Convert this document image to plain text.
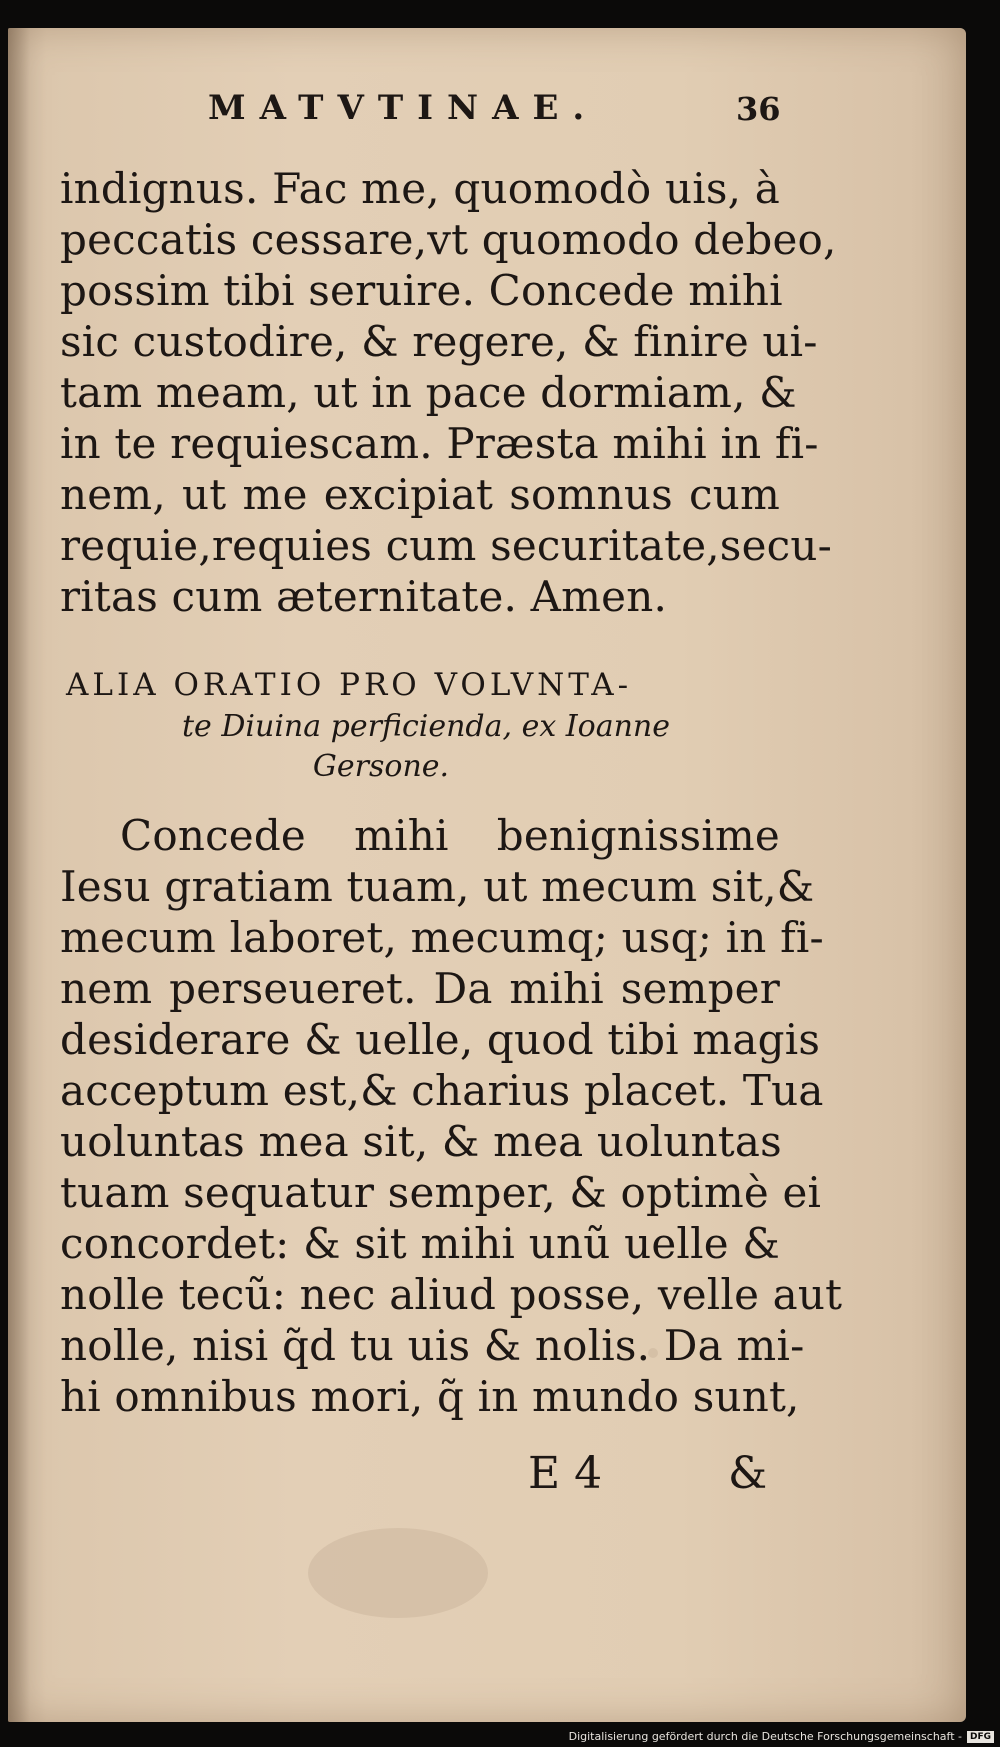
MATVTINAE.	36
indignus. Fac me, quomodò uis, à
peccatis cessare,vt quomodo debeo,
possim tibi seruire. Concede mihi
sic custodire, & regere, & finire ui-
tam meam, ut in pace dormiam, &
in te requiescam. Præsta mihi in fi-
nem, ut me excipiat somnus cum
requie,requies cum securitate,secu-
ritas cum æternitate. Amen.
ALIA ORATIO PRO VOLVNTA-
te Diuina perficienda, ex Ioanne
Gersone.
Concede mihi benignissime
Iesu gratiam tuam, ut mecum sit,&
mecum laboret, mecumq; usq; in fi-
nem perseueret. Da mihi semper
desiderare & uelle, quod tibi magis
acceptum est,& charius placet. Tua
uoluntas mea sit, & mea uoluntas
tuam sequatur semper, & optimè ei
concordet: & sit mihi unũ uelle &
nolle tecũ: nec aliud posse, velle aut
nolle, nisi q̃d tu uis & nolis. Da mi-
hi omnibus mori, q̃ in mundo sunt,
E 4	&
Digitalisierung gefördert durch die Deutsche Forschungsgemeinschaft - DFG
